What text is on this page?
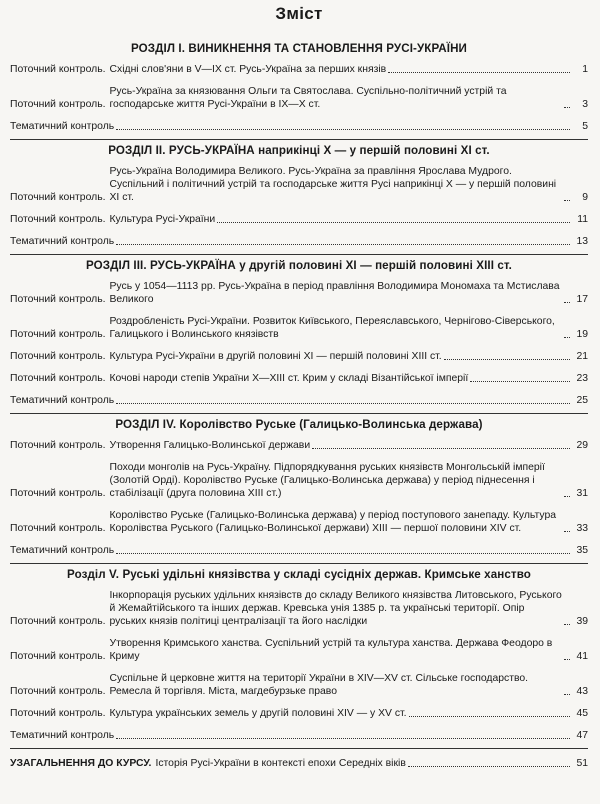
Зміст
РОЗДІЛ І. ВИНИКНЕННЯ ТА СТАНОВЛЕННЯ РУСІ-УКРАЇНИ
Поточний контроль. Східні слов'яни в V—IX ст. Русь-Україна за перших князів	1
Поточний контроль.
Русь-Україна за князювання Ольги та Святослава. Суспільно-політичний устрій та господарське життя Русі-України в IX—X ст.	3
Тематичний контроль	5
РОЗДІЛ ІІ. РУСЬ-УКРАЇНА наприкінці X — у першій половині XI ст.
Поточний контроль.
Русь-Україна Володимира Великого. Русь-Україна за правління Ярослава Мудрого. Суспільний і політичний устрій та господарське життя Русі наприкінці X — у першій половині XI ст.	9
Поточний контроль. Культура Русі-України	11
Тематичний контроль	13
РОЗДІЛ ІІІ. РУСЬ-УКРАЇНА у другій половині XI — першій половині XIII ст.
Поточний контроль.
Русь у 1054—1113 рр. Русь-Україна в період правління Володимира Мономаха та Мстислава Великого	17
Поточний контроль.
Роздробленість Русі-України. Розвиток Київського, Переяславського, Чернігово-Сіверського, Галицького і Волинського князівств	19
Поточний контроль. Культура Русі-України в другій половині XI — першій половині XIII ст.	21
Поточний контроль. Кочові народи степів України X—XIII ст. Крим у складі Візантійської імперії	23
Тематичний контроль	25
РОЗДІЛ IV. Королівство Руське (Галицько-Волинська держава)
Поточний контроль. Утворення Галицько-Волинської держави	29
Поточний контроль.
Походи монголів на Русь-Україну. Підпорядкування руських князівств Монгольській імперії (Золотій Орді). Королівство Руське (Галицько-Волинська держава) у період піднесення і стабілізації (друга половина XIII ст.)	31
Поточний контроль.
Королівство Руське (Галицько-Волинська держава) у період поступового занепаду. Культура Королівства Руського (Галицько-Волинської держави) XIII — першої половини XIV ст.	33
Тематичний контроль	35
Розділ V. Руські удільні князівства у складі сусідніх держав. Кримське ханство
Поточний контроль.
Інкорпорація руських удільних князівств до складу Великого князівства Литовського, Руського й Жемайтійського та інших держав. Кревська унія 1385 р. та українські території. Опір руських князів політиці централізації та його наслідки	39
Поточний контроль.
Утворення Кримського ханства. Суспільний устрій та культура ханства. Держава Феодоро в Криму	41
Поточний контроль.
Суспільне й церковне життя на території України в XIV—XV ст. Сільське господарство. Ремесла й торгівля. Міста, магдебурзьке право	43
Поточний контроль. Культура українських земель у другій половині XIV — у XV ст.	45
Тематичний контроль	47
УЗАГАЛЬНЕННЯ ДО КУРСУ. Історія Русі-України в контексті епохи Середніх віків	51
